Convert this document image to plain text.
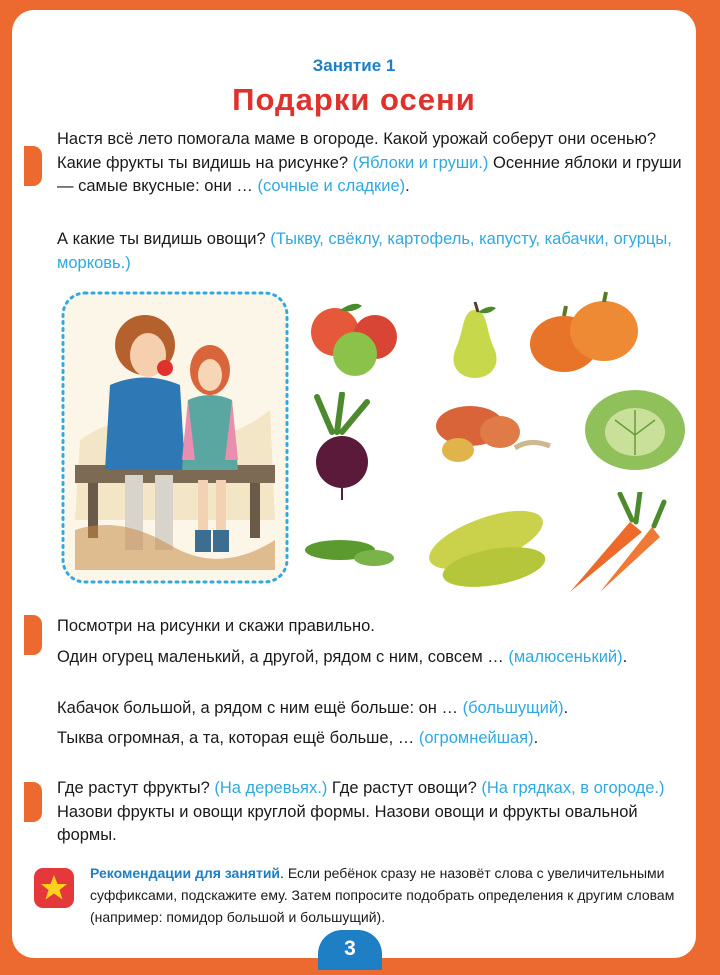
Занятие 1
Подарки осени

Настя всё лето помогала маме в огороде. Какой урожай соберут они осенью? Какие фрукты ты видишь на рисунке? (Яблоки и груши.) Осенние яблоки и груши — самые вкусные: они … (сочные и сладкие).

А какие ты видишь овощи? (Тыкву, свёклу, картофель, капусту, кабачки, огурцы, морковь.)

Посмотри на рисунки и скажи правильно.
Один огурец маленький, а другой, рядом с ним, совсем … (малюсенький).
Кабачок большой, а рядом с ним ещё больше: он … (большущий).
Тыква огромная, а та, которая ещё больше, … (огромнейшая).
Где растут фрукты? (На деревьях.) Где растут овощи? (На грядках, в огороде.) Назови фрукты и овощи круглой формы. Назови овощи и фрукты овальной формы.
Рекомендации для занятий. Если ребёнок сразу не назовёт слова с увеличительными суффиксами, подскажите ему. Затем попросите подобрать определения к другим словам (например: помидор большой и большущий).
3
